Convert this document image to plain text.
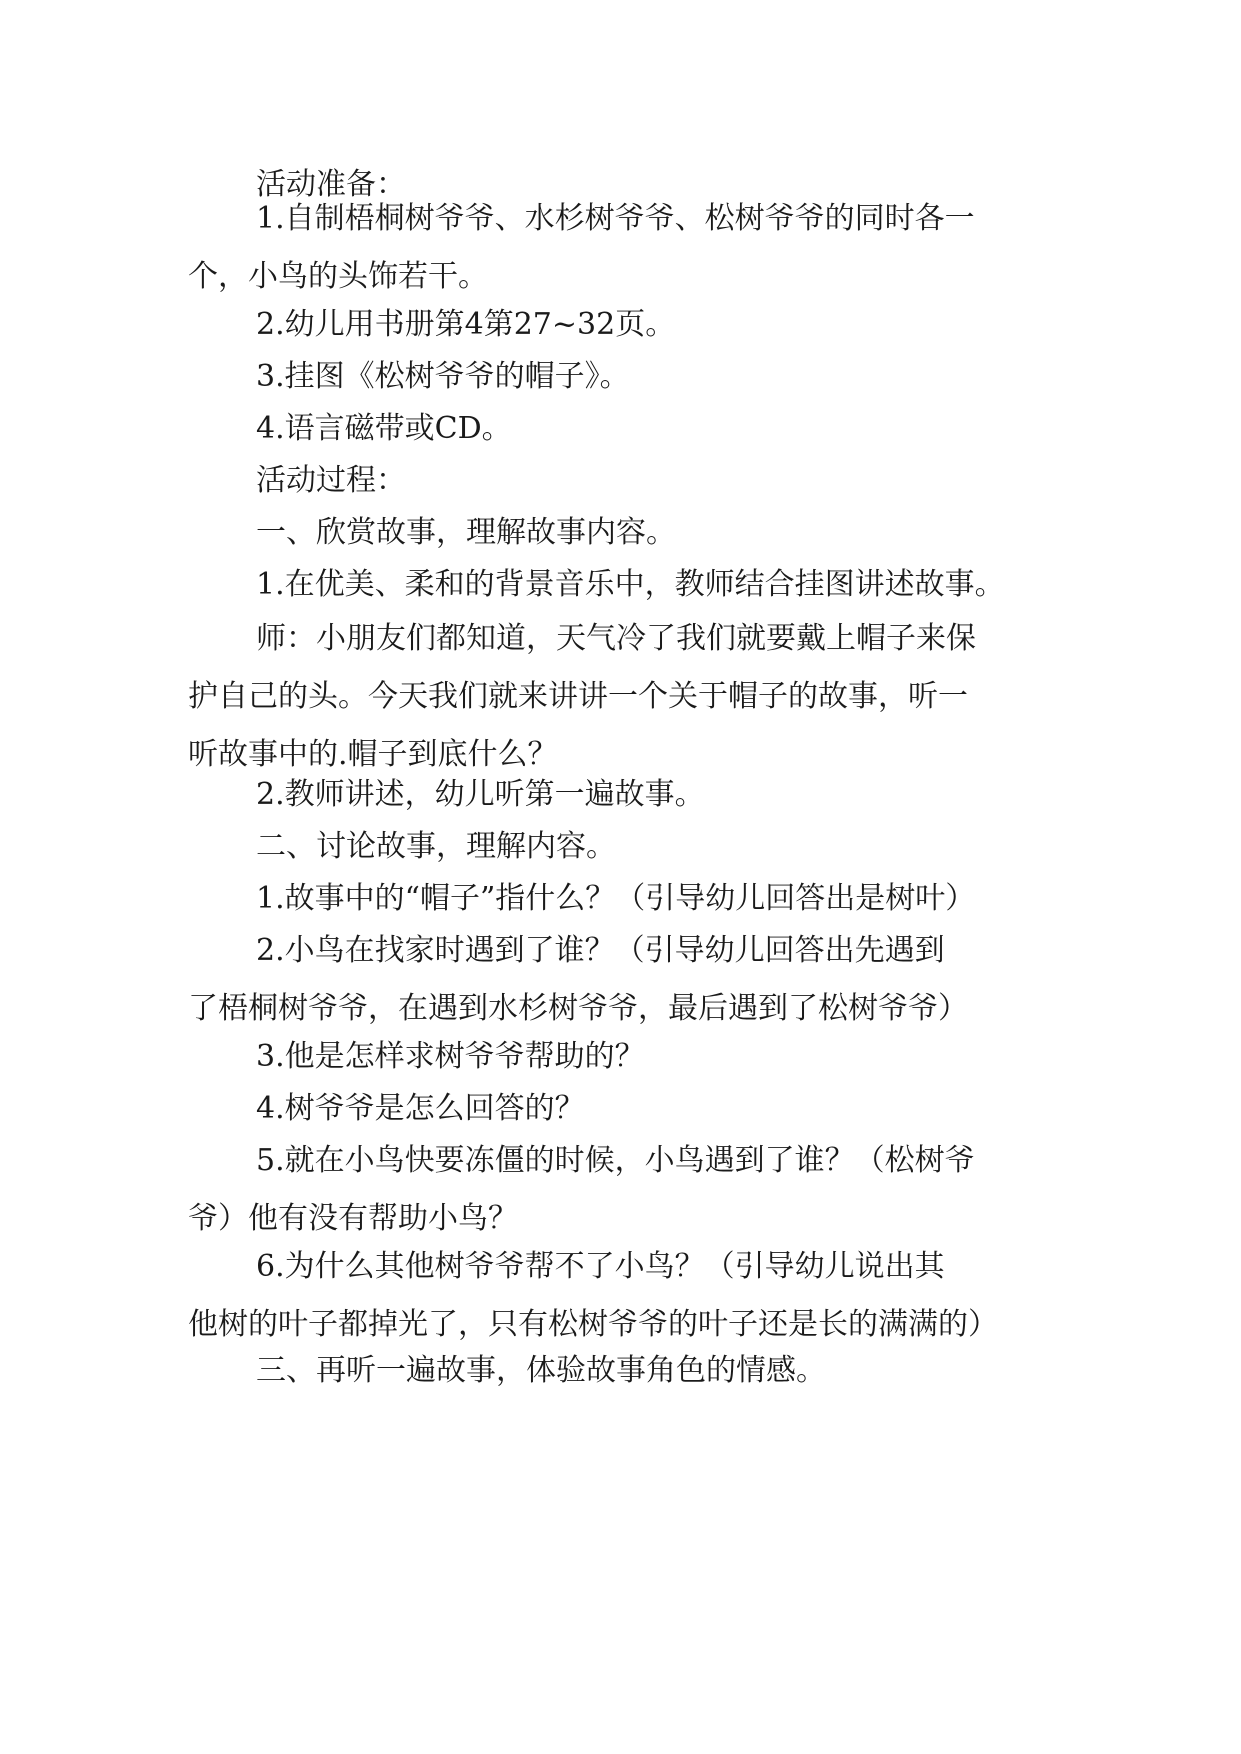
活动准备：

1.自制梧桐树爷爷、水杉树爷爷、松树爷爷的同时各一
个，小鸟的头饰若干。

2.幼儿用书册第4第27~32页。

3.挂图《松树爷爷的帽子》。

4.语言磁带或CD。

活动过程：

一、欣赏故事，理解故事内容。

1.在优美、柔和的背景音乐中，教师结合挂图讲述故事。

师：小朋友们都知道，天气冷了我们就要戴上帽子来保
护自己的头。今天我们就来讲讲一个关于帽子的故事，听一
听故事中的.帽子到底什么？

2.教师讲述，幼儿听第一遍故事。

二、讨论故事，理解内容。

1.故事中的“帽子”指什么？（引导幼儿回答出是树叶）

2.小鸟在找家时遇到了谁？（引导幼儿回答出先遇到
了梧桐树爷爷，在遇到水杉树爷爷，最后遇到了松树爷爷）

3.他是怎样求树爷爷帮助的？

4.树爷爷是怎么回答的？

5.就在小鸟快要冻僵的时候，小鸟遇到了谁？（松树爷
爷）他有没有帮助小鸟？

6.为什么其他树爷爷帮不了小鸟？（引导幼儿说出其
他树的叶子都掉光了，只有松树爷爷的叶子还是长的满满的）

三、再听一遍故事，体验故事角色的情感。
